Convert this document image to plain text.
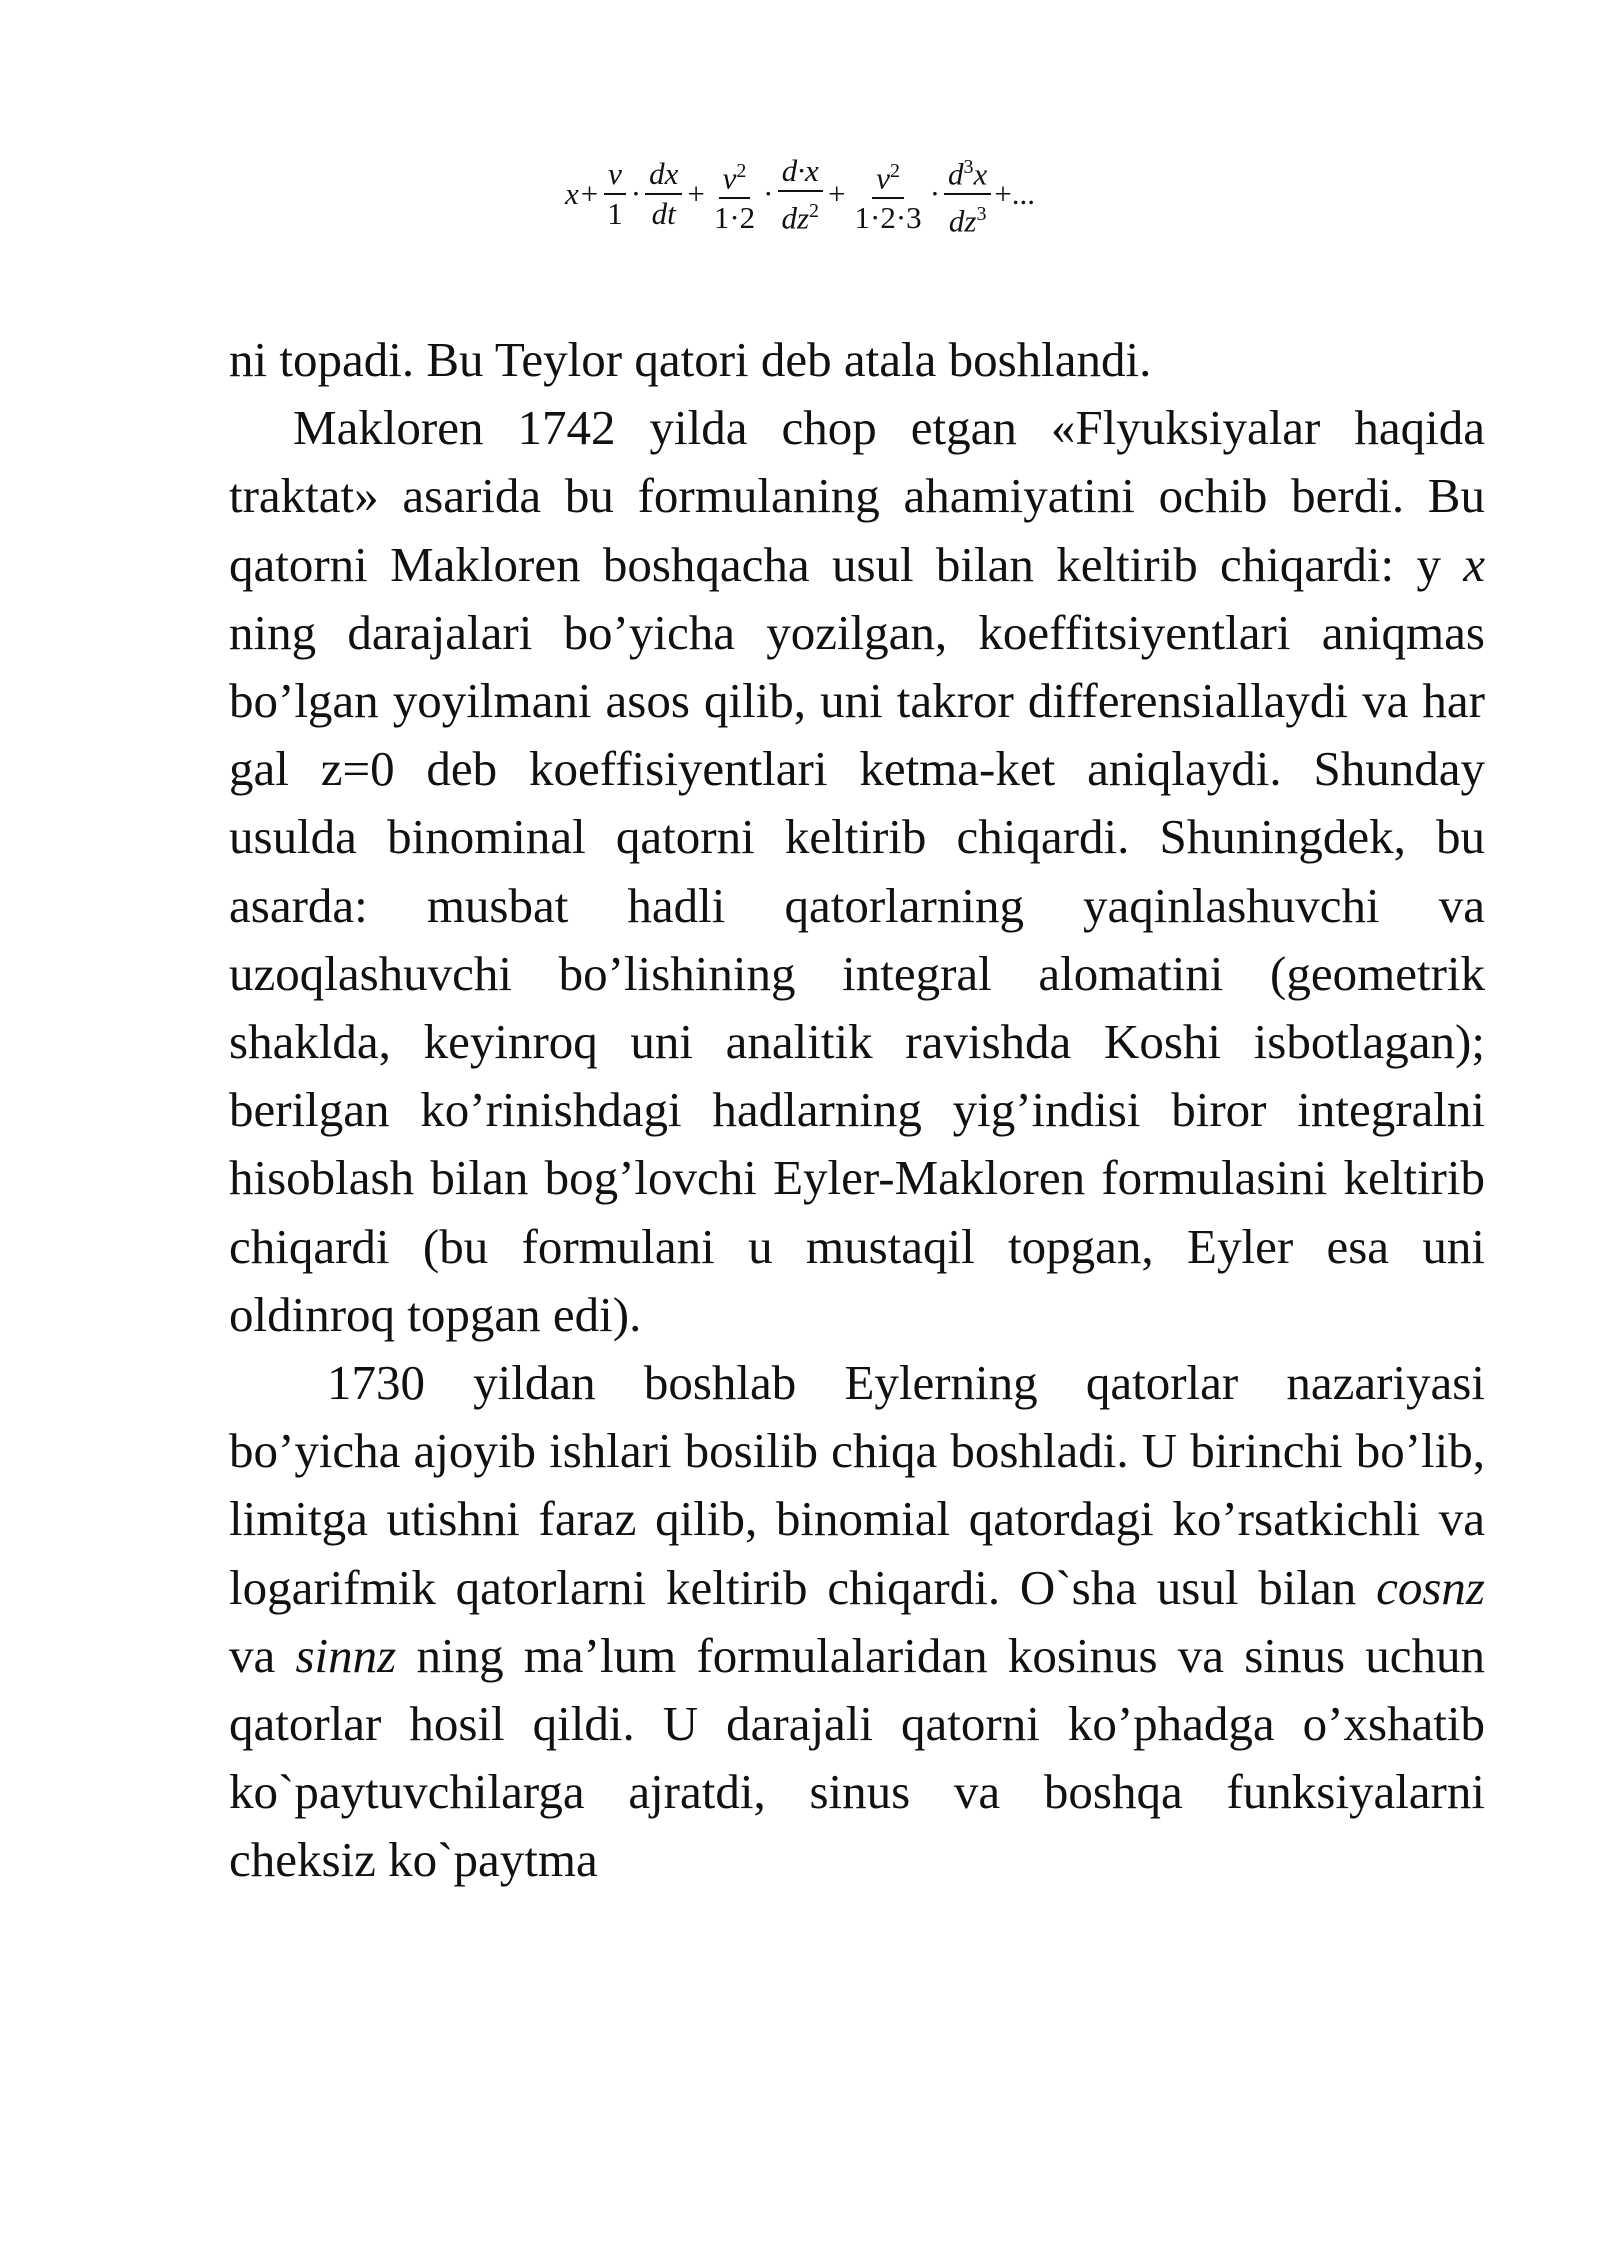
$x + \frac{v}{1} \cdot \frac{dx}{dt} + \frac{v^2}{1\cdot 2} \cdot \frac{d\cdot x}{dz^2} + \frac{v^2}{1\cdot 2\cdot 3} \cdot \frac{d^3x}{dz^3}$ +...

ni topadi. Bu Teylor qatori deb atala boshlandi.

Makloren 1742 yilda chop etgan «Flyuksiyalar haqida traktat» asarida bu formulaning ahamiyatini ochib berdi. Bu qatorni Makloren boshqacha usul bilan keltirib chiqardi: y x ning darajalari bo’yicha yozilgan, koeffitsiyentlari aniqmas bo’lgan yoyilmani asos qilib, uni takror differensiallaydi va har gal z=0 deb koeffisiyentlari ketma-ket aniqlaydi. Shunday usulda binominal qatorni keltirib chiqardi. Shuningdek, bu asarda: musbat hadli qatorlarning yaqinlashuvchi va uzoqlashuvchi bo’lishining integral alomatini (geometrik shaklda, keyinroq uni analitik ravishda Koshi isbotlagan); berilgan ko’rinishdagi hadlarning yig’indisi biror integralni hisoblash bilan bog’lovchi Eyler-Makloren formulasini keltirib chiqardi (bu formulani u mustaqil topgan, Eyler esa uni oldinroq topgan edi).

1730 yildan boshlab Eylerning qatorlar nazariyasi bo’yicha ajoyib ishlari bosilib chiqa boshladi. U birinchi bo’lib, limitga utishni faraz qilib, binomial qatordagi ko’rsatkichli va logarifmik qatorlarni keltirib chiqardi. O`sha usul bilan cosnz va sinnz ning ma’lum formulalaridan kosinus va sinus uchun qatorlar hosil qildi. U darajali qatorni ko’phadga o’xshatib ko`paytuvchilarga ajratdi, sinus va boshqa funksiyalarni cheksiz ko`paytma
